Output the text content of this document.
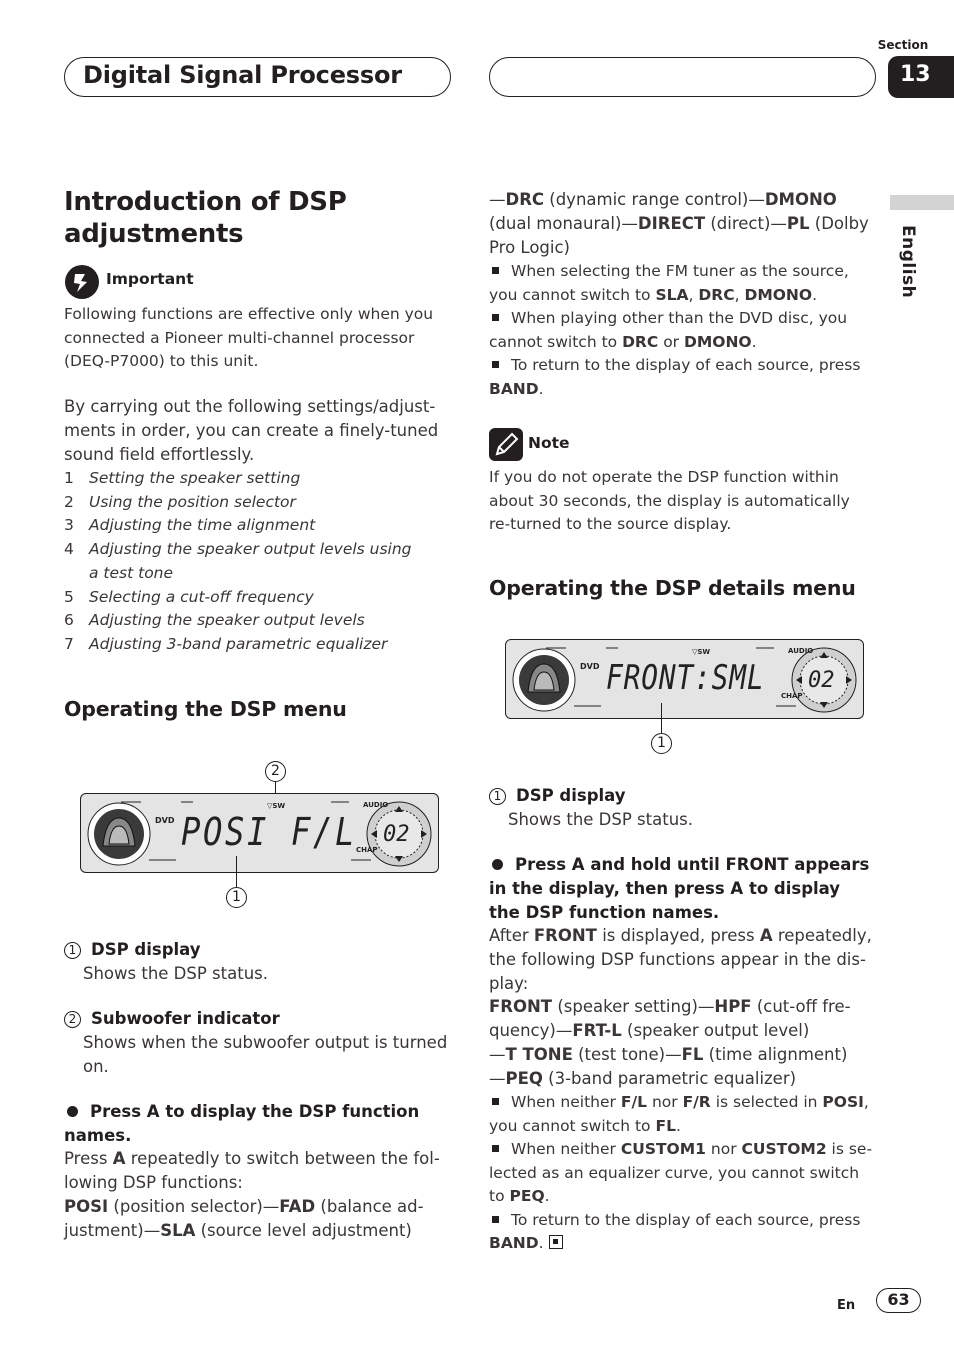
Digital Signal Processor
Section
13
English
Introduction of DSP adjustments
Important
Following functions are effective only when you connected a Pioneer multi-channel processor (DEQ-P7000) to this unit.
By carrying out the following settings/adjust-ments in order, you can create a finely-tuned sound field effortlessly.
1 Setting the speaker setting
2 Using the position selector
3 Adjusting the time alignment
4 Adjusting the speaker output levels using a test tone
5 Selecting a cut-off frequency
6 Adjusting the speaker output levels
7 Adjusting 3-band parametric equalizer
Operating the DSP menu
2
DVD
AUDIO
CHAP
▽SW
POSI F/L 02
1
1 DSP display
Shows the DSP status.
2 Subwoofer indicator
Shows when the subwoofer output is turned on.
Press A to display the DSP function names.
Press A repeatedly to switch between the fol-lowing DSP functions:
POSI (position selector)—FAD (balance ad-justment)—SLA (source level adjustment)
—DRC (dynamic range control)—DMONO (dual monaural)—DIRECT (direct)—PL (Dolby Pro Logic)
When selecting the FM tuner as the source, you cannot switch to SLA, DRC, DMONO.
When playing other than the DVD disc, you cannot switch to DRC or DMONO.
To return to the display of each source, press BAND.
Note
If you do not operate the DSP function within about 30 seconds, the display is automatically re-turned to the source display.
Operating the DSP details menu
DVD
AUDIO
CHAP
▽SW
FRONT:SML 02
1
1 DSP display
Shows the DSP status.
Press A and hold until FRONT appears in the display, then press A to display the DSP function names.
After FRONT is displayed, press A repeatedly, the following DSP functions appear in the dis-play:
FRONT (speaker setting)—HPF (cut-off fre-quency)—FRT-L (speaker output level)
—T TONE (test tone)—FL (time alignment)
—PEQ (3-band parametric equalizer)
When neither F/L nor F/R is selected in POSI, you cannot switch to FL.
When neither CUSTOM1 nor CUSTOM2 is se-lected as an equalizer curve, you cannot switch to PEQ.
To return to the display of each source, press BAND.
En	63
